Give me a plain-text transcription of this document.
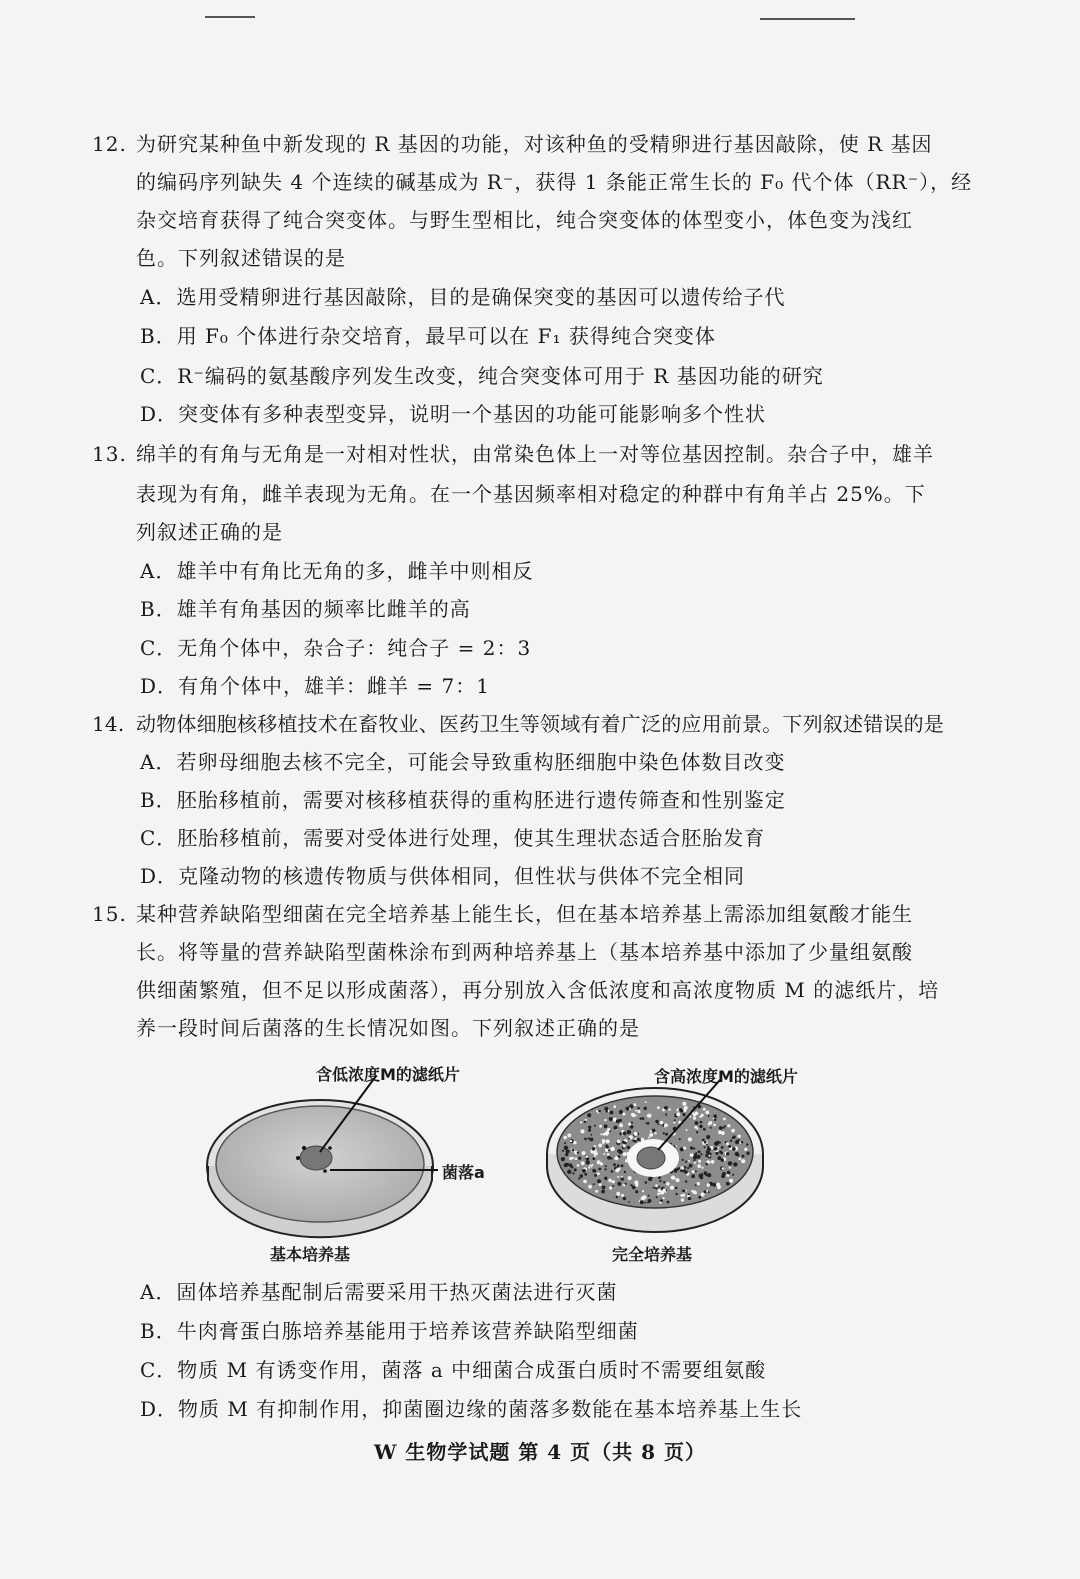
12. 为研究某种鱼中新发现的 R 基因的功能，对该种鱼的受精卵进行基因敲除，使 R 基因
的编码序列缺失 4 个连续的碱基成为 R⁻，获得 1 条能正常生长的 F₀ 代个体（RR⁻），经
杂交培育获得了纯合突变体。与野生型相比，纯合突变体的体型变小，体色变为浅红
色。下列叙述错误的是
A．选用受精卵进行基因敲除，目的是确保突变的基因可以遗传给子代
B．用 F₀ 个体进行杂交培育，最早可以在 F₁ 获得纯合突变体
C．R⁻编码的氨基酸序列发生改变，纯合突变体可用于 R 基因功能的研究
D．突变体有多种表型变异，说明一个基因的功能可能影响多个性状
13. 绵羊的有角与无角是一对相对性状，由常染色体上一对等位基因控制。杂合子中，雄羊
表现为有角，雌羊表现为无角。在一个基因频率相对稳定的种群中有角羊占 25%。下
列叙述正确的是
A．雄羊中有角比无角的多，雌羊中则相反
B．雄羊有角基因的频率比雌羊的高
C．无角个体中，杂合子：纯合子 = 2：3
D．有角个体中，雄羊：雌羊 = 7：1
14. 动物体细胞核移植技术在畜牧业、医药卫生等领域有着广泛的应用前景。下列叙述错误的是
A．若卵母细胞去核不完全，可能会导致重构胚细胞中染色体数目改变
B．胚胎移植前，需要对核移植获得的重构胚进行遗传筛查和性别鉴定
C．胚胎移植前，需要对受体进行处理，使其生理状态适合胚胎发育
D．克隆动物的核遗传物质与供体相同，但性状与供体不完全相同
15. 某种营养缺陷型细菌在完全培养基上能生长，但在基本培养基上需添加组氨酸才能生
长。将等量的营养缺陷型菌株涂布到两种培养基上（基本培养基中添加了少量组氨酸
供细菌繁殖，但不足以形成菌落），再分别放入含低浓度和高浓度物质 M 的滤纸片，培
养一段时间后菌落的生长情况如图。下列叙述正确的是
含低浓度M的滤纸片	含高浓度M的滤纸片
菌落a
基本培养基	完全培养基
A．固体培养基配制后需要采用干热灭菌法进行灭菌
B．牛肉膏蛋白胨培养基能用于培养该营养缺陷型细菌
C．物质 M 有诱变作用，菌落 a 中细菌合成蛋白质时不需要组氨酸
D．物质 M 有抑制作用，抑菌圈边缘的菌落多数能在基本培养基上生长
W 生物学试题 第 4 页（共 8 页）
